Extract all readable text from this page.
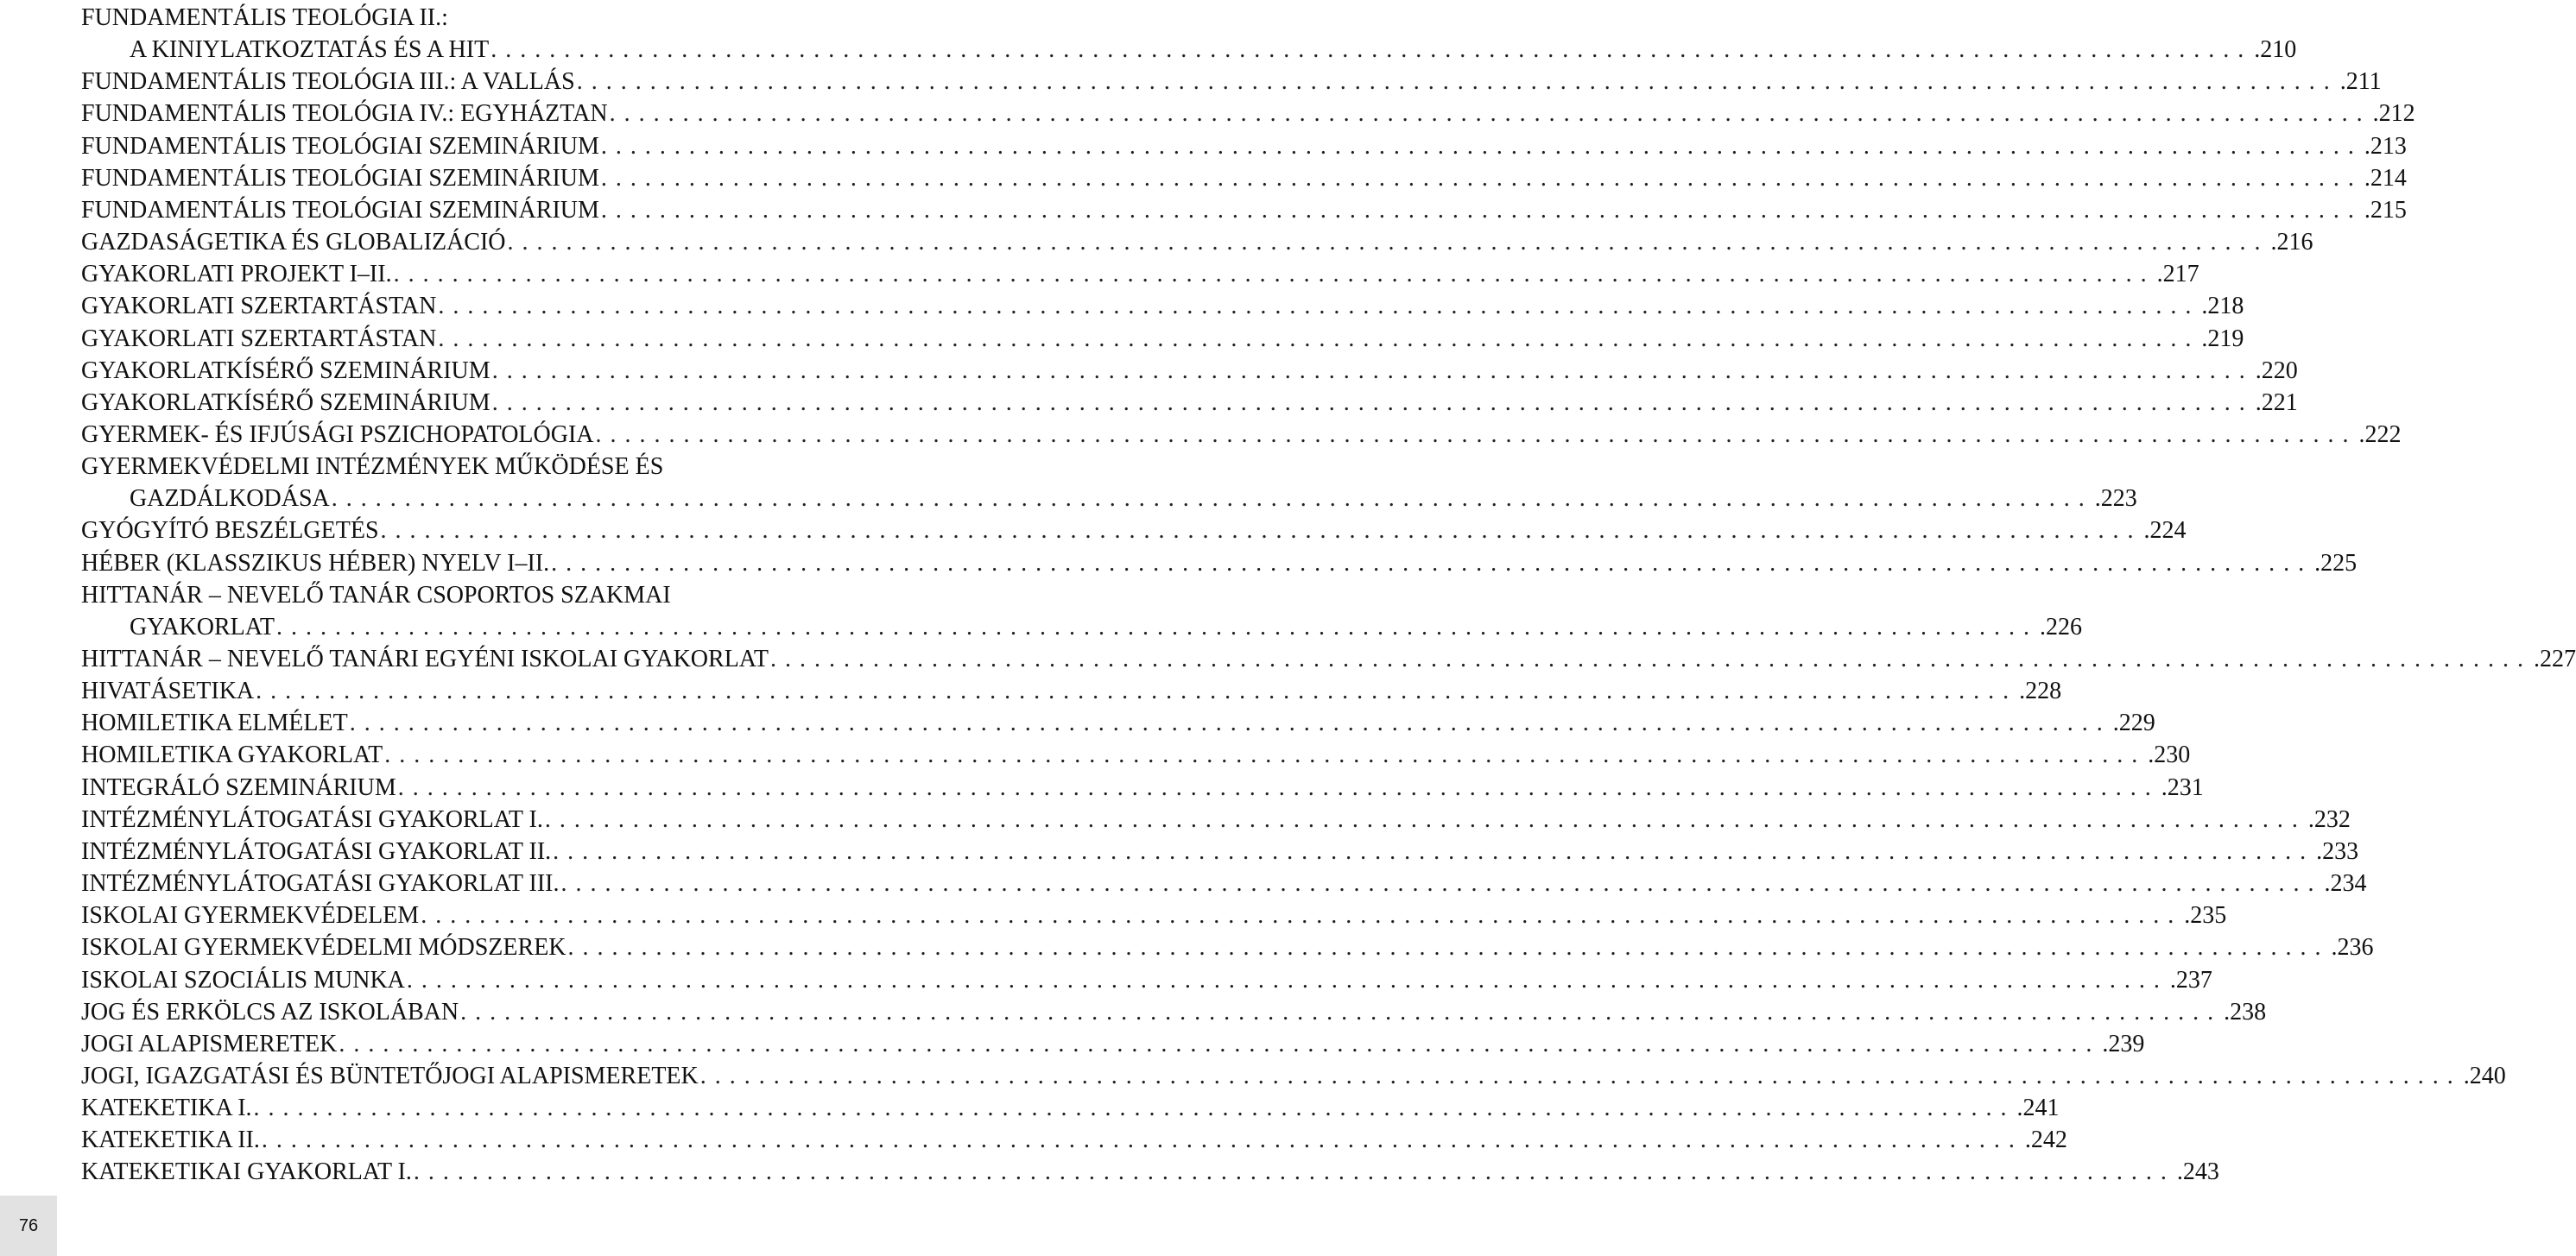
FUNDAMENTÁLIS TEOLÓGIA II.:
A KINIYLATKOZTATÁS ÉS A HIT ........................................................................................................................ .210
FUNDAMENTÁLIS TEOLÓGIA III.: A VALLÁS ........................................................................................................................ .211
FUNDAMENTÁLIS TEOLÓGIA IV.: EGYHÁZTAN ........................................................................................................................ .212
FUNDAMENTÁLIS TEOLÓGIAI SZEMINÁRIUM ........................................................................................................................ .213
FUNDAMENTÁLIS TEOLÓGIAI SZEMINÁRIUM ........................................................................................................................ .214
FUNDAMENTÁLIS TEOLÓGIAI SZEMINÁRIUM ........................................................................................................................ .215
GAZDASÁGETIKA ÉS GLOBALIZÁCIÓ ........................................................................................................................ .216
GYAKORLATI PROJEKT I–II. ........................................................................................................................ .217
GYAKORLATI SZERTARTÁSTAN ........................................................................................................................ .218
GYAKORLATI SZERTARTÁSTAN ........................................................................................................................ .219
GYAKORLATKÍSÉRŐ SZEMINÁRIUM ........................................................................................................................ .220
GYAKORLATKÍSÉRŐ SZEMINÁRIUM ........................................................................................................................ .221
GYERMEK- ÉS IFJÚSÁGI PSZICHOPATOLÓGIA ........................................................................................................................ .222
GYERMEKVÉDELMI INTÉZMÉNYEK MŰKÖDÉSE ÉS
GAZDÁLKODÁSA ........................................................................................................................ .223
GYÓGYÍTÓ BESZÉLGETÉS ........................................................................................................................ .224
HÉBER (KLASSZIKUS HÉBER) NYELV I–II. ........................................................................................................................ .225
HITTANÁR – NEVELŐ TANÁR CSOPORTOS SZAKMAI
GYAKORLAT ........................................................................................................................ .226
HITTANÁR – NEVELŐ TANÁRI EGYÉNI ISKOLAI GYAKORLAT ........................................................................................................................ .227
HIVATÁSETIKA ........................................................................................................................ .228
HOMILETIKA ELMÉLET ........................................................................................................................ .229
HOMILETIKA GYAKORLAT ........................................................................................................................ .230
INTEGRÁLÓ SZEMINÁRIUM ........................................................................................................................ .231
INTÉZMÉNYLÁTOGATÁSI GYAKORLAT I. ........................................................................................................................ .232
INTÉZMÉNYLÁTOGATÁSI GYAKORLAT II. ........................................................................................................................ .233
INTÉZMÉNYLÁTOGATÁSI GYAKORLAT III. ........................................................................................................................ .234
ISKOLAI GYERMEKVÉDELEM ........................................................................................................................ .235
ISKOLAI GYERMEKVÉDELMI MÓDSZEREK ........................................................................................................................ .236
ISKOLAI SZOCIÁLIS MUNKA ........................................................................................................................ .237
JOG ÉS ERKÖLCS AZ ISKOLÁBAN ........................................................................................................................ .238
JOGI ALAPISMERETEK ........................................................................................................................ .239
JOGI, IGAZGATÁSI ÉS BÜNTETŐJOGI ALAPISMERETEK ........................................................................................................................ .240
KATEKETIKA I. ........................................................................................................................ .241
KATEKETIKA II. ........................................................................................................................ .242
KATEKETIKAI GYAKORLAT I. ........................................................................................................................ .243
76
